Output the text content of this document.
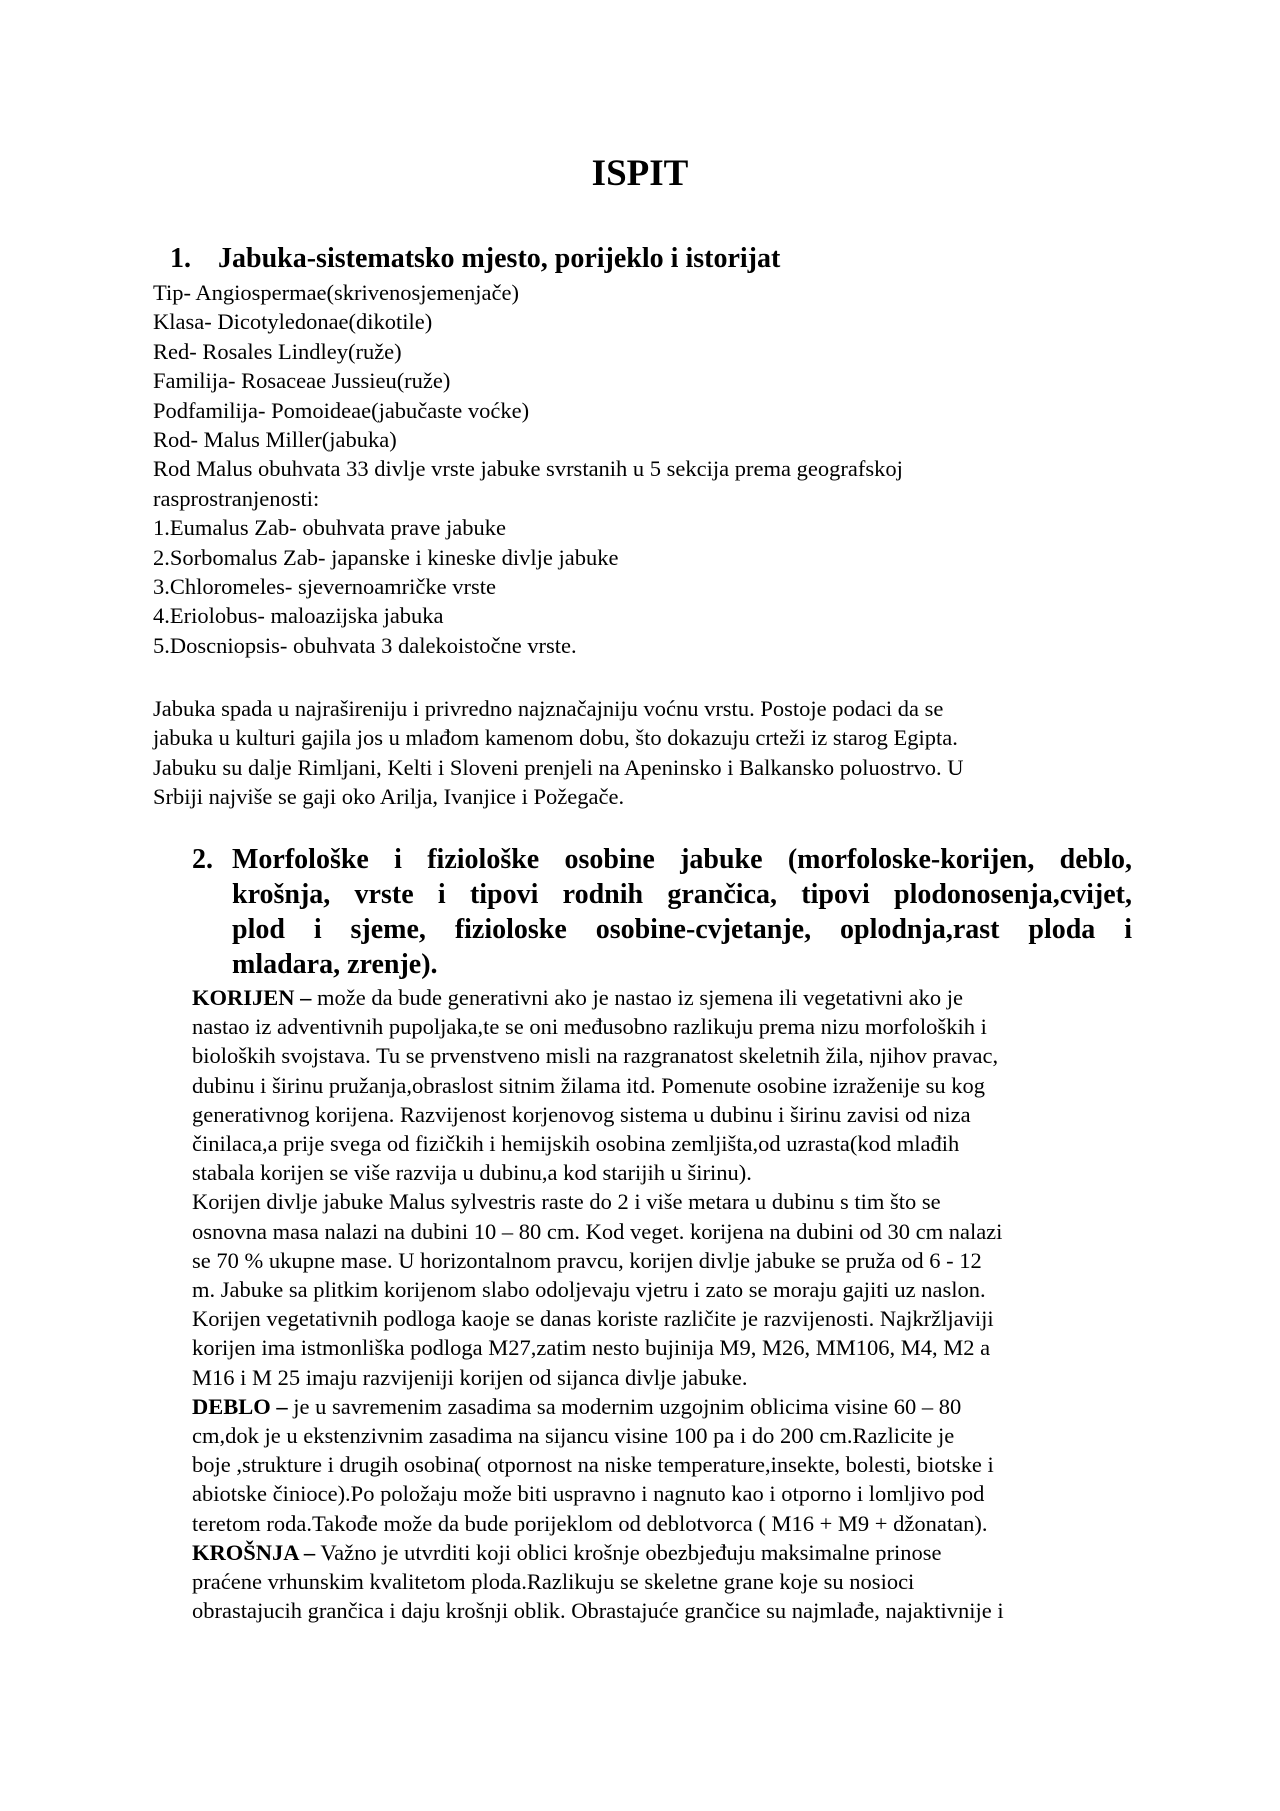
ISPIT
1. Jabuka-sistematsko mjesto, porijeklo i istorijat
Tip- Angiospermae(skrivenosjemenjače)
Klasa- Dicotyledonae(dikotile)
Red- Rosales Lindley(ruže)
Familija- Rosaceae Jussieu(ruže)
Podfamilija- Pomoideae(jabučaste voćke)
Rod- Malus Miller(jabuka)
Rod Malus obuhvata 33 divlje vrste jabuke svrstanih u 5 sekcija prema geografskoj
rasprostranjenosti:
1.Eumalus Zab- obuhvata prave jabuke
2.Sorbomalus Zab- japanske i kineske divlje jabuke
3.Chloromeles- sjevernoamričke vrste
4.Eriolobus- maloazijska jabuka
5.Doscniopsis- obuhvata 3 dalekoistočne vrste.
Jabuka spada u najrašireniju i privredno najznačajniju voćnu vrstu. Postoje podaci da se
jabuka u kulturi gajila jos u mlađom kamenom dobu, što dokazuju crteži iz starog Egipta.
Jabuku su dalje Rimljani, Kelti i Sloveni prenjeli na Apeninsko i Balkansko poluostrvo. U
Srbiji najviše se gaji oko Arilja, Ivanjice i Požegače.
2. Morfološke i fiziološke osobine jabuke (morfoloske-korijen, deblo,
krošnja, vrste i tipovi rodnih grančica, tipovi plodonosenja,cvijet,
plod i sjeme, fizioloske osobine-cvjetanje, oplodnja,rast ploda i
mladara, zrenje).
KORIJEN – može da bude generativni ako je nastao iz sjemena ili vegetativni ako je
nastao iz adventivnih pupoljaka,te se oni međusobno razlikuju prema nizu morfoloških i
bioloških svojstava. Tu se prvenstveno misli na razgranatost skeletnih žila, njihov pravac,
dubinu i širinu pružanja,obraslost sitnim žilama itd. Pomenute osobine izraženije su kog
generativnog korijena. Razvijenost korjenovog sistema u dubinu i širinu zavisi od niza
činilaca,a prije svega od fizičkih i hemijskih osobina zemljišta,od uzrasta(kod mlađih
stabala korijen se više razvija u dubinu,a kod starijih u širinu).
Korijen divlje jabuke Malus sylvestris raste do 2 i više metara u dubinu s tim što se
osnovna masa nalazi na dubini 10 – 80 cm. Kod veget. korijena na dubini od 30 cm nalazi
se 70 % ukupne mase. U horizontalnom pravcu, korijen divlje jabuke se pruža od 6 - 12
m. Jabuke sa plitkim korijenom slabo odoljevaju vjetru i zato se moraju gajiti uz naslon.
Korijen vegetativnih podloga kaoje se danas koriste različite je razvijenosti. Najkržljaviji
korijen ima istmonliška podloga M27,zatim nesto bujinija M9, M26, MM106, M4, M2 a
M16 i M 25 imaju razvijeniji korijen od sijanca divlje jabuke.
DEBLO – je u savremenim zasadima sa modernim uzgojnim oblicima visine 60 – 80
cm,dok je u ekstenzivnim zasadima na sijancu visine 100 pa i do 200 cm.Razlicite je
boje ,strukture i drugih osobina( otpornost na niske temperature,insekte, bolesti, biotske i
abiotske činioce).Po položaju može biti uspravno i nagnuto kao i otporno i lomljivo pod
teretom roda.Takođe može da bude porijeklom od deblotvorca ( M16 + M9 + džonatan).
KROŠNJA – Važno je utvrditi koji oblici krošnje obezbjeđuju maksimalne prinose
praćene vrhunskim kvalitetom ploda.Razlikuju se skeletne grane koje su nosioci
obrastajucih grančica i daju krošnji oblik. Obrastajuće grančice su najmlađe, najaktivnije i
